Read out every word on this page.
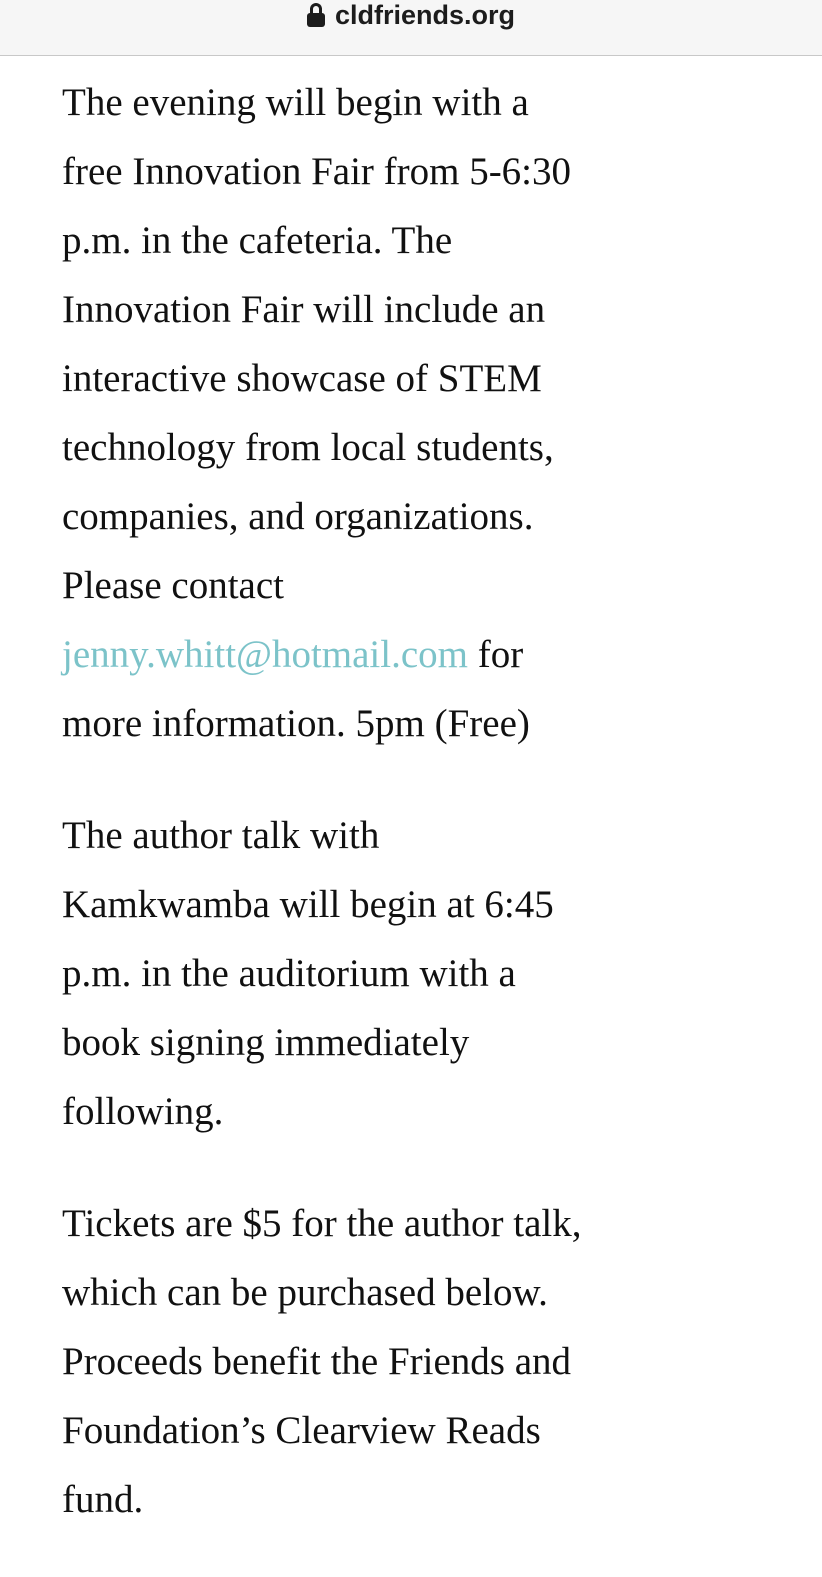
cldfriends.org

The evening will begin with a free Innovation Fair from 5-6:30 p.m. in the cafeteria. The Innovation Fair will include an interactive showcase of STEM technology from local students, companies, and organizations. Please contact jenny.whitt@hotmail.com for more information. 5pm (Free)

The author talk with Kamkwamba will begin at 6:45 p.m. in the auditorium with a book signing immediately following.

Tickets are $5 for the author talk, which can be purchased below. Proceeds benefit the Friends and Foundation’s Clearview Reads fund.
